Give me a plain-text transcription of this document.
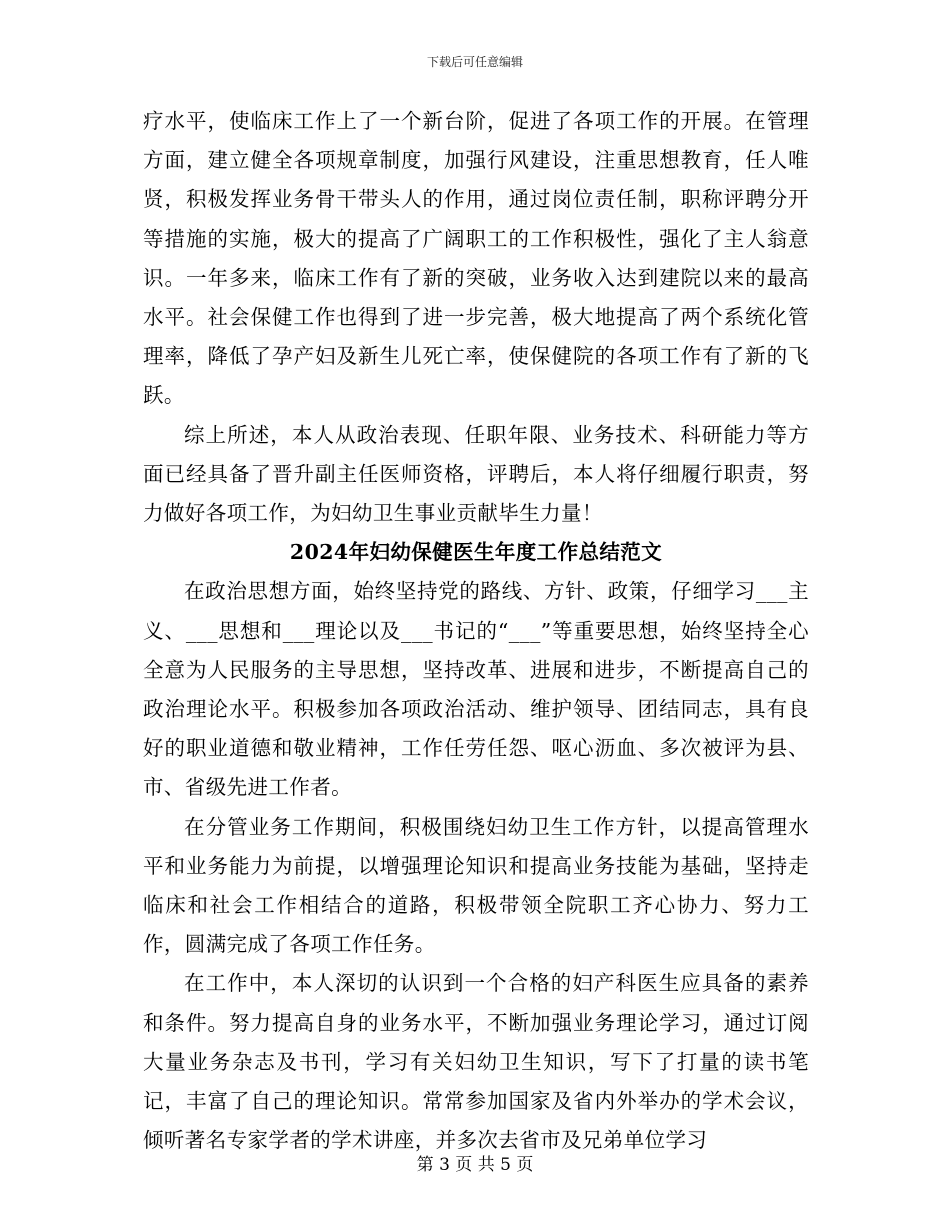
下载后可任意编辑

疗水平，使临床工作上了一个新台阶，促进了各项工作的开展。在管理方面，建立健全各项规章制度，加强行风建设，注重思想教育，任人唯贤，积极发挥业务骨干带头人的作用，通过岗位责任制，职称评聘分开等措施的实施，极大的提高了广阔职工的工作积极性，强化了主人翁意识。一年多来，临床工作有了新的突破，业务收入达到建院以来的最高水平。社会保健工作也得到了进一步完善，极大地提高了两个系统化管理率，降低了孕产妇及新生儿死亡率，使保健院的各项工作有了新的飞跃。

综上所述，本人从政治表现、任职年限、业务技术、科研能力等方面已经具备了晋升副主任医师资格，评聘后，本人将仔细履行职责，努力做好各项工作，为妇幼卫生事业贡献毕生力量！

2024年妇幼保健医生年度工作总结范文

在政治思想方面，始终坚持党的路线、方针、政策，仔细学习___主义、___思想和___理论以及___书记的“___”等重要思想，始终坚持全心全意为人民服务的主导思想，坚持改革、进展和进步，不断提高自己的政治理论水平。积极参加各项政治活动、维护领导、团结同志，具有良好的职业道德和敬业精神，工作任劳任怨、呕心沥血、多次被评为县、市、省级先进工作者。

在分管业务工作期间，积极围绕妇幼卫生工作方针，以提高管理水平和业务能力为前提，以增强理论知识和提高业务技能为基础，坚持走临床和社会工作相结合的道路，积极带领全院职工齐心协力、努力工作，圆满完成了各项工作任务。

在工作中，本人深切的认识到一个合格的妇产科医生应具备的素养和条件。努力提高自身的业务水平，不断加强业务理论学习，通过订阅大量业务杂志及书刊，学习有关妇幼卫生知识，写下了打量的读书笔记，丰富了自己的理论知识。常常参加国家及省内外举办的学术会议，倾听著名专家学者的学术讲座，并多次去省市及兄弟单位学习

第 3 页 共 5 页
